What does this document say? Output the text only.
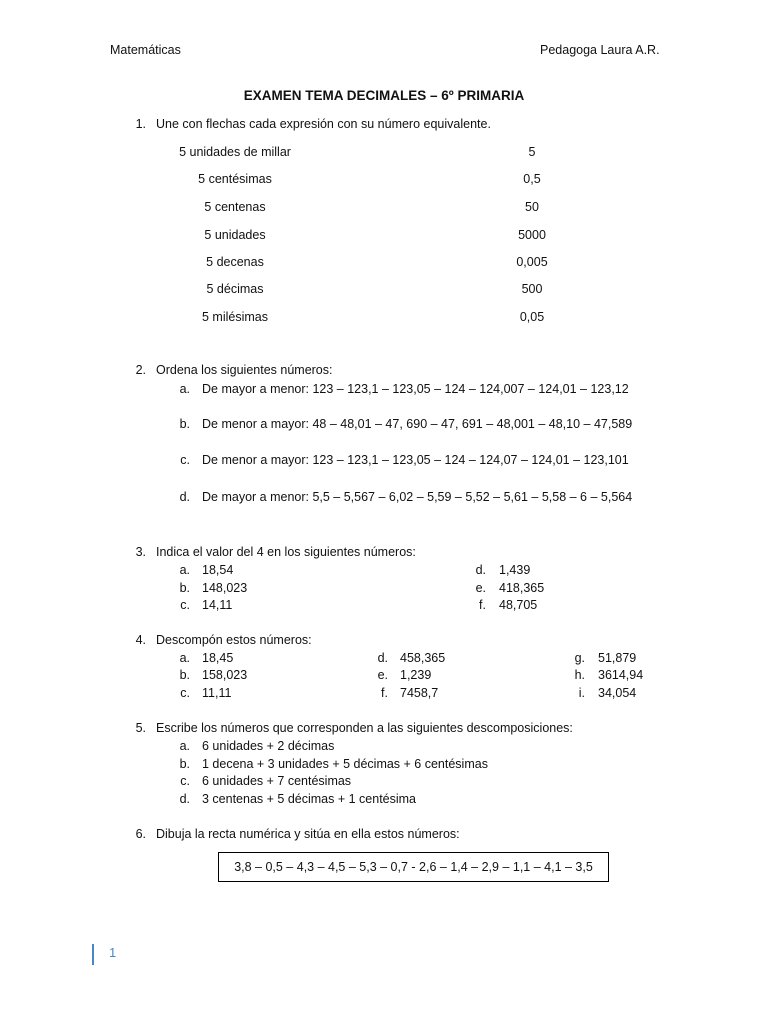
Matemáticas	Pedagoga Laura A.R.
EXAMEN TEMA DECIMALES – 6º PRIMARIA
1. Une con flechas cada expresión con su número equivalente.
5 unidades de millar
5 centésimas
5 centenas
5 unidades
5 decenas
5 décimas
5 milésimas
5
0,5
50
5000
0,005
500
0,05
2. Ordena los siguientes números:
a. De mayor a menor: 123 – 123,1 – 123,05 – 124 – 124,007 – 124,01 – 123,12
b. De menor a mayor: 48 – 48,01 – 47, 690 – 47, 691 – 48,001 – 48,10 – 47,589
c. De menor a mayor: 123 – 123,1 – 123,05 – 124 – 124,07 – 124,01 – 123,101
d. De mayor a menor: 5,5 – 5,567 – 6,02 – 5,59 – 5,52 – 5,61 – 5,58 – 6 – 5,564
3. Indica el valor del 4 en los siguientes números:
a. 18,54
b. 148,023
c. 14,11
d. 1,439
e. 418,365
f. 48,705
4. Descompón estos números:
a. 18,45
b. 158,023
c. 11,11
d. 458,365
e. 1,239
f. 7458,7
g. 51,879
h. 3614,94
i. 34,054
5. Escribe los números que corresponden a las siguientes descomposiciones:
a. 6 unidades + 2 décimas
b. 1 decena + 3 unidades + 5 décimas + 6 centésimas
c. 6 unidades + 7 centésimas
d. 3 centenas + 5 décimas + 1 centésima
6. Dibuja la recta numérica y sitúa en ella estos números:
3,8 – 0,5 – 4,3 – 4,5 – 5,3 – 0,7 - 2,6 – 1,4 – 2,9 – 1,1 – 4,1 – 3,5
1
